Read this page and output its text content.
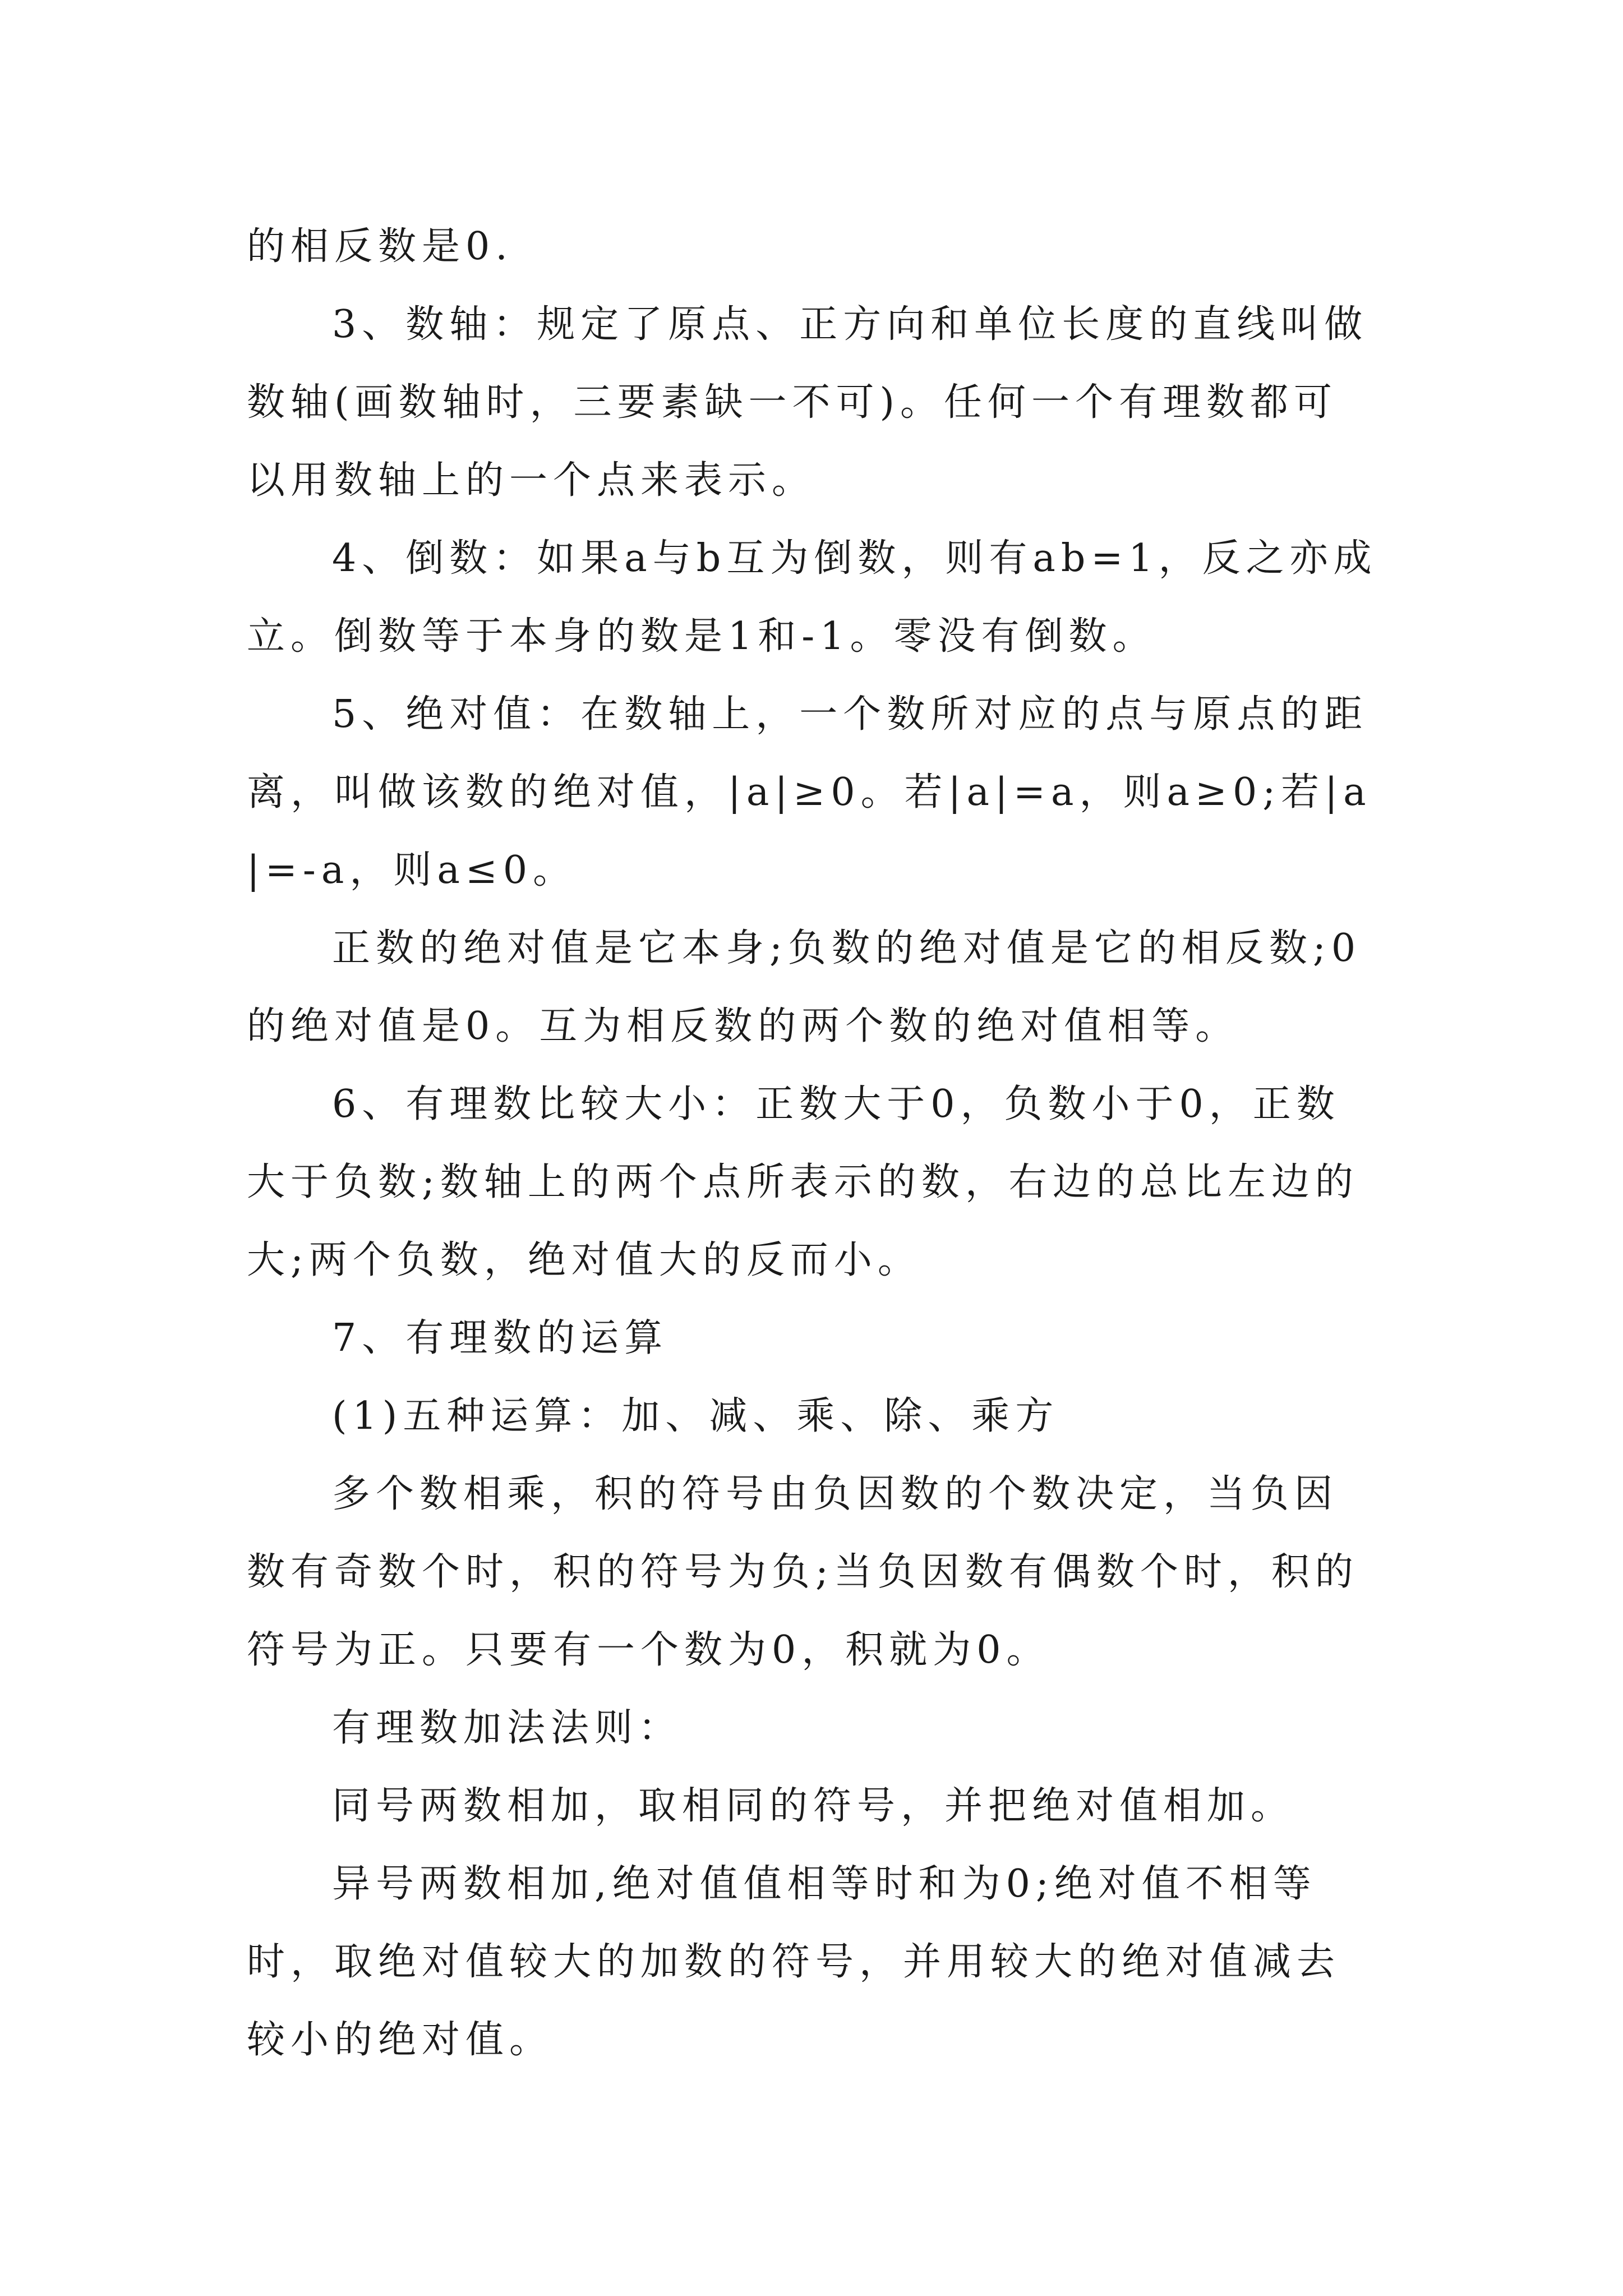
的相反数是0.

3、数轴：规定了原点、正方向和单位长度的直线叫做数轴(画数轴时，三要素缺一不可)。任何一个有理数都可以用数轴上的一个点来表示。

4、倒数：如果a与b互为倒数，则有ab=1，反之亦成立。倒数等于本身的数是1和-1。零没有倒数。

5、绝对值：在数轴上，一个数所对应的点与原点的距离，叫做该数的绝对值，|a|≥0。若|a|=a，则a≥0;若|a|=-a，则a≤0。

正数的绝对值是它本身;负数的绝对值是它的相反数;0的绝对值是0。互为相反数的两个数的绝对值相等。

6、有理数比较大小：正数大于0，负数小于0，正数大于负数;数轴上的两个点所表示的数，右边的总比左边的大;两个负数，绝对值大的反而小。

7、有理数的运算

(1)五种运算：加、减、乘、除、乘方

多个数相乘，积的符号由负因数的个数决定，当负因数有奇数个时，积的符号为负;当负因数有偶数个时，积的符号为正。只要有一个数为0，积就为0。

有理数加法法则：

同号两数相加，取相同的符号，并把绝对值相加。

异号两数相加,绝对值值相等时和为0;绝对值不相等时，取绝对值较大的加数的符号，并用较大的绝对值减去较小的绝对值。
